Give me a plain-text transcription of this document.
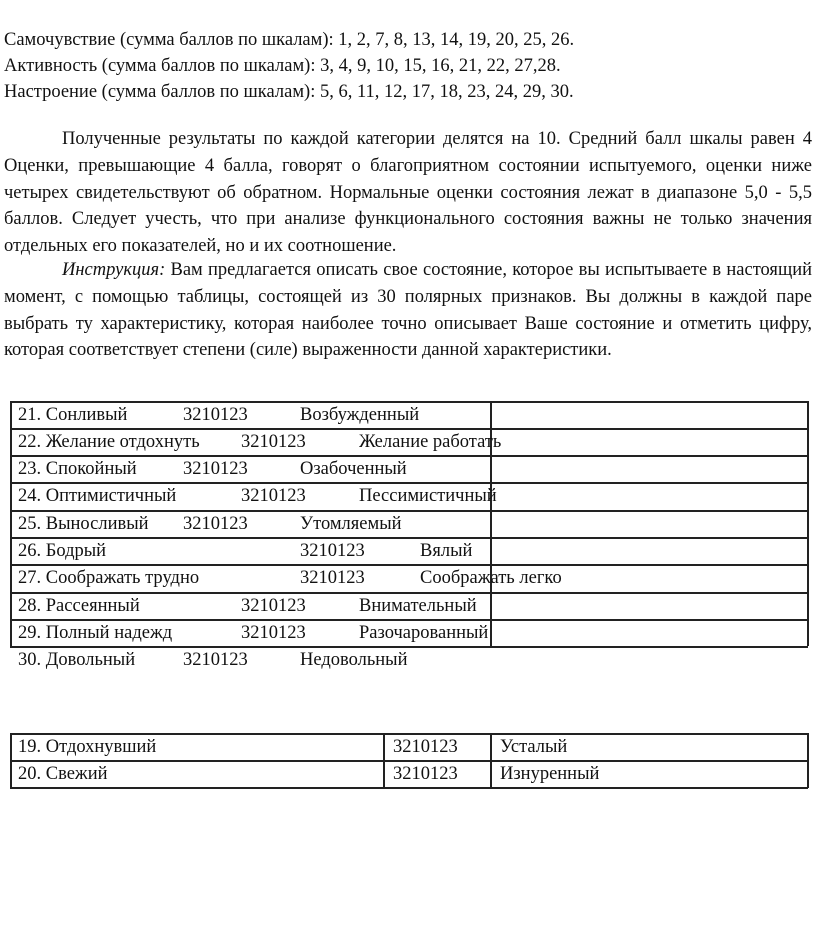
Самочувствие (сумма баллов по шкалам): 1, 2, 7, 8, 13, 14, 19, 20, 25, 26.
Активность (сумма баллов по шкалам): 3, 4, 9, 10, 15, 16, 21, 22, 27,28.
Настроение (сумма баллов по шкалам): 5, 6, 11, 12, 17, 18, 23, 24, 29, 30.
Полученные результаты по каждой категории делятся на 10. Средний балл шкалы равен 4 Оценки, превышающие 4 балла, говорят о благоприятном состоянии испытуемого, оценки ниже четырех свидетельствуют об обратном. Нормальные оценки состояния лежат в диапазоне 5,0 - 5,5 баллов. Следует учесть, что при анализе функционального состояния важны не только значения отдельных его показателей, но и их соотношение.
Инструкция: Вам предлагается описать свое состояние, которое вы испытываете в настоящий момент, с помощью таблицы, состоящей из 30 полярных признаков. Вы должны в каждой паре выбрать ту характеристику, которая наиболее точно описывает Ваше состояние и отметить цифру, которая соответствует степени (силе) выраженности данной характеристики.
21. Сонливый	3210123	Возбужденный
22. Желание отдохнуть 3210123	Желание работать
23. Спокойный	3210123	Озабоченный
24. Оптимистичный	3210123	Пессимистичный
25. Выносливый 3210123	Утомляемый
26. Бодрый	3210123	Вялый
27. Соображать трудно	3210123	Соображать легко
28. Рассеянный	3210123	Внимательный
29. Полный надежд	3210123	Разочарованный
30. Довольный	3210123	Недовольный
19. Отдохнувший	3210123 Усталый
20. Свежий	3210123 Изнуренный
